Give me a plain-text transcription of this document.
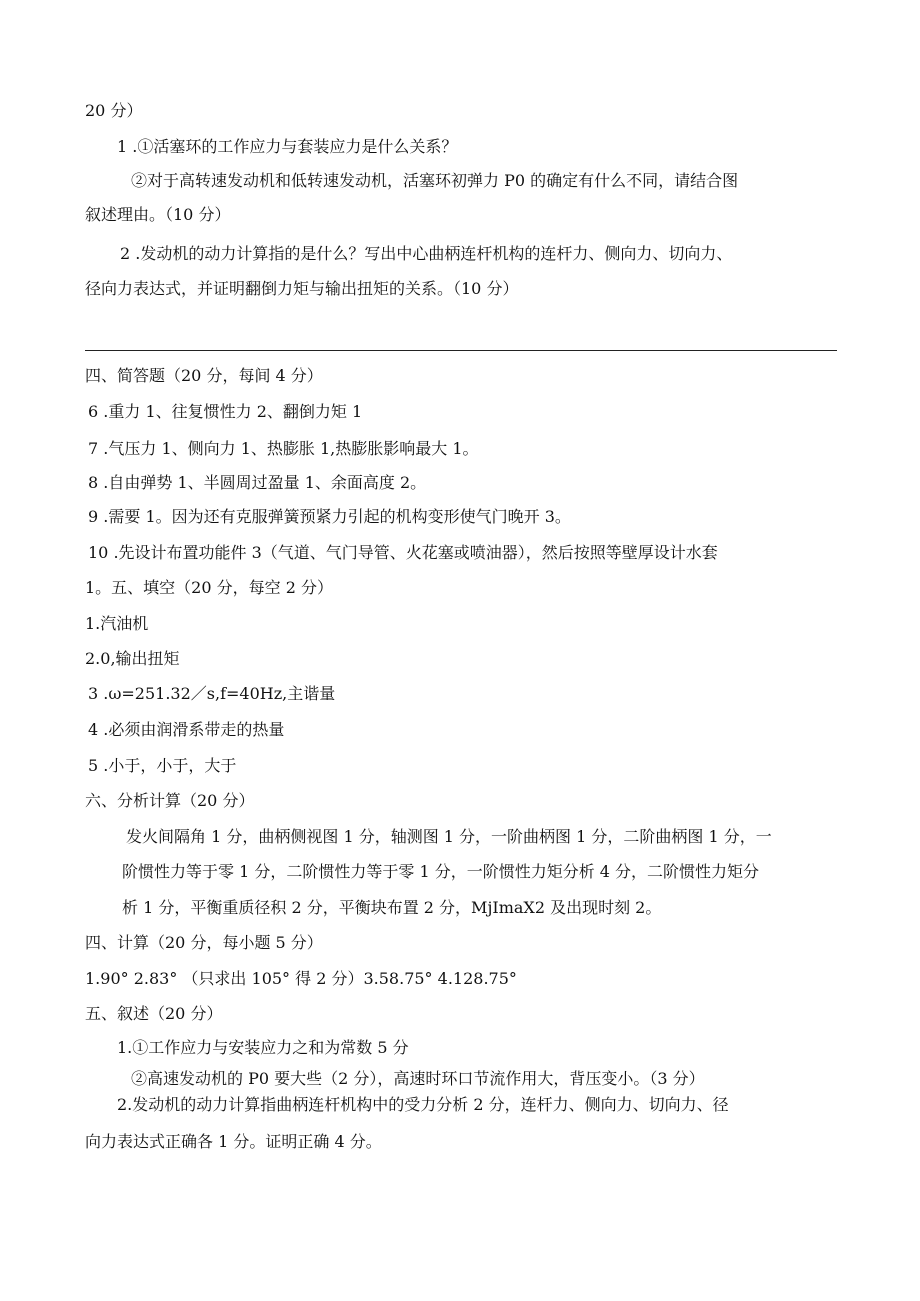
20 分）
1 .①活塞环的工作应力与套装应力是什么关系？
②对于高转速发动机和低转速发动机，活塞环初弹力 P0 的确定有什么不同，请结合图
叙述理由。（10 分）
2 .发动机的动力计算指的是什么？写出中心曲柄连杆机构的连杆力、侧向力、切向力、
径向力表达式，并证明翻倒力矩与输出扭矩的关系。（10 分）
四、简答题（20 分，每间 4 分）
6 .重力 1、往复惯性力 2、翻倒力矩 1
7 .气压力 1、侧向力 1、热膨胀 1,热膨胀影响最大 1。
8 .自由弹势 1、半圆周过盈量 1、余面高度 2。
9 .需要 1。因为还有克服弹簧预紧力引起的机构变形使气门晚开 3。
10 .先设计布置功能件 3（气道、气门导管、火花塞或喷油器），然后按照等壁厚设计水套
1。五、填空（20 分，每空 2 分）
1.汽油机
2.0,输出扭矩
3 .ω=251.32／s,f=40Hz,主谐量
4 .必须由润滑系带走的热量
5 .小于，小于，大于
六、分析计算（20 分）
发火间隔角 1 分，曲柄侧视图 1 分，轴测图 1 分，一阶曲柄图 1 分，二阶曲柄图 1 分，一
阶惯性力等于零 1 分，二阶惯性力等于零 1 分，一阶惯性力矩分析 4 分，二阶惯性力矩分
析 1 分，平衡重质径积 2 分，平衡块布置 2 分，MjImaX2 及出现时刻 2。
四、计算（20 分，每小题 5 分）
1.90° 2.83° （只求出 105° 得 2 分）3.58.75° 4.128.75°
五、叙述（20 分）
1.①工作应力与安装应力之和为常数 5 分
②高速发动机的 P0 要大些（2 分），高速时环口节流作用大，背压变小。（3 分）
2.发动机的动力计算指曲柄连杆机构中的受力分析 2 分，连杆力、侧向力、切向力、径
向力表达式正确各 1 分。证明正确 4 分。
